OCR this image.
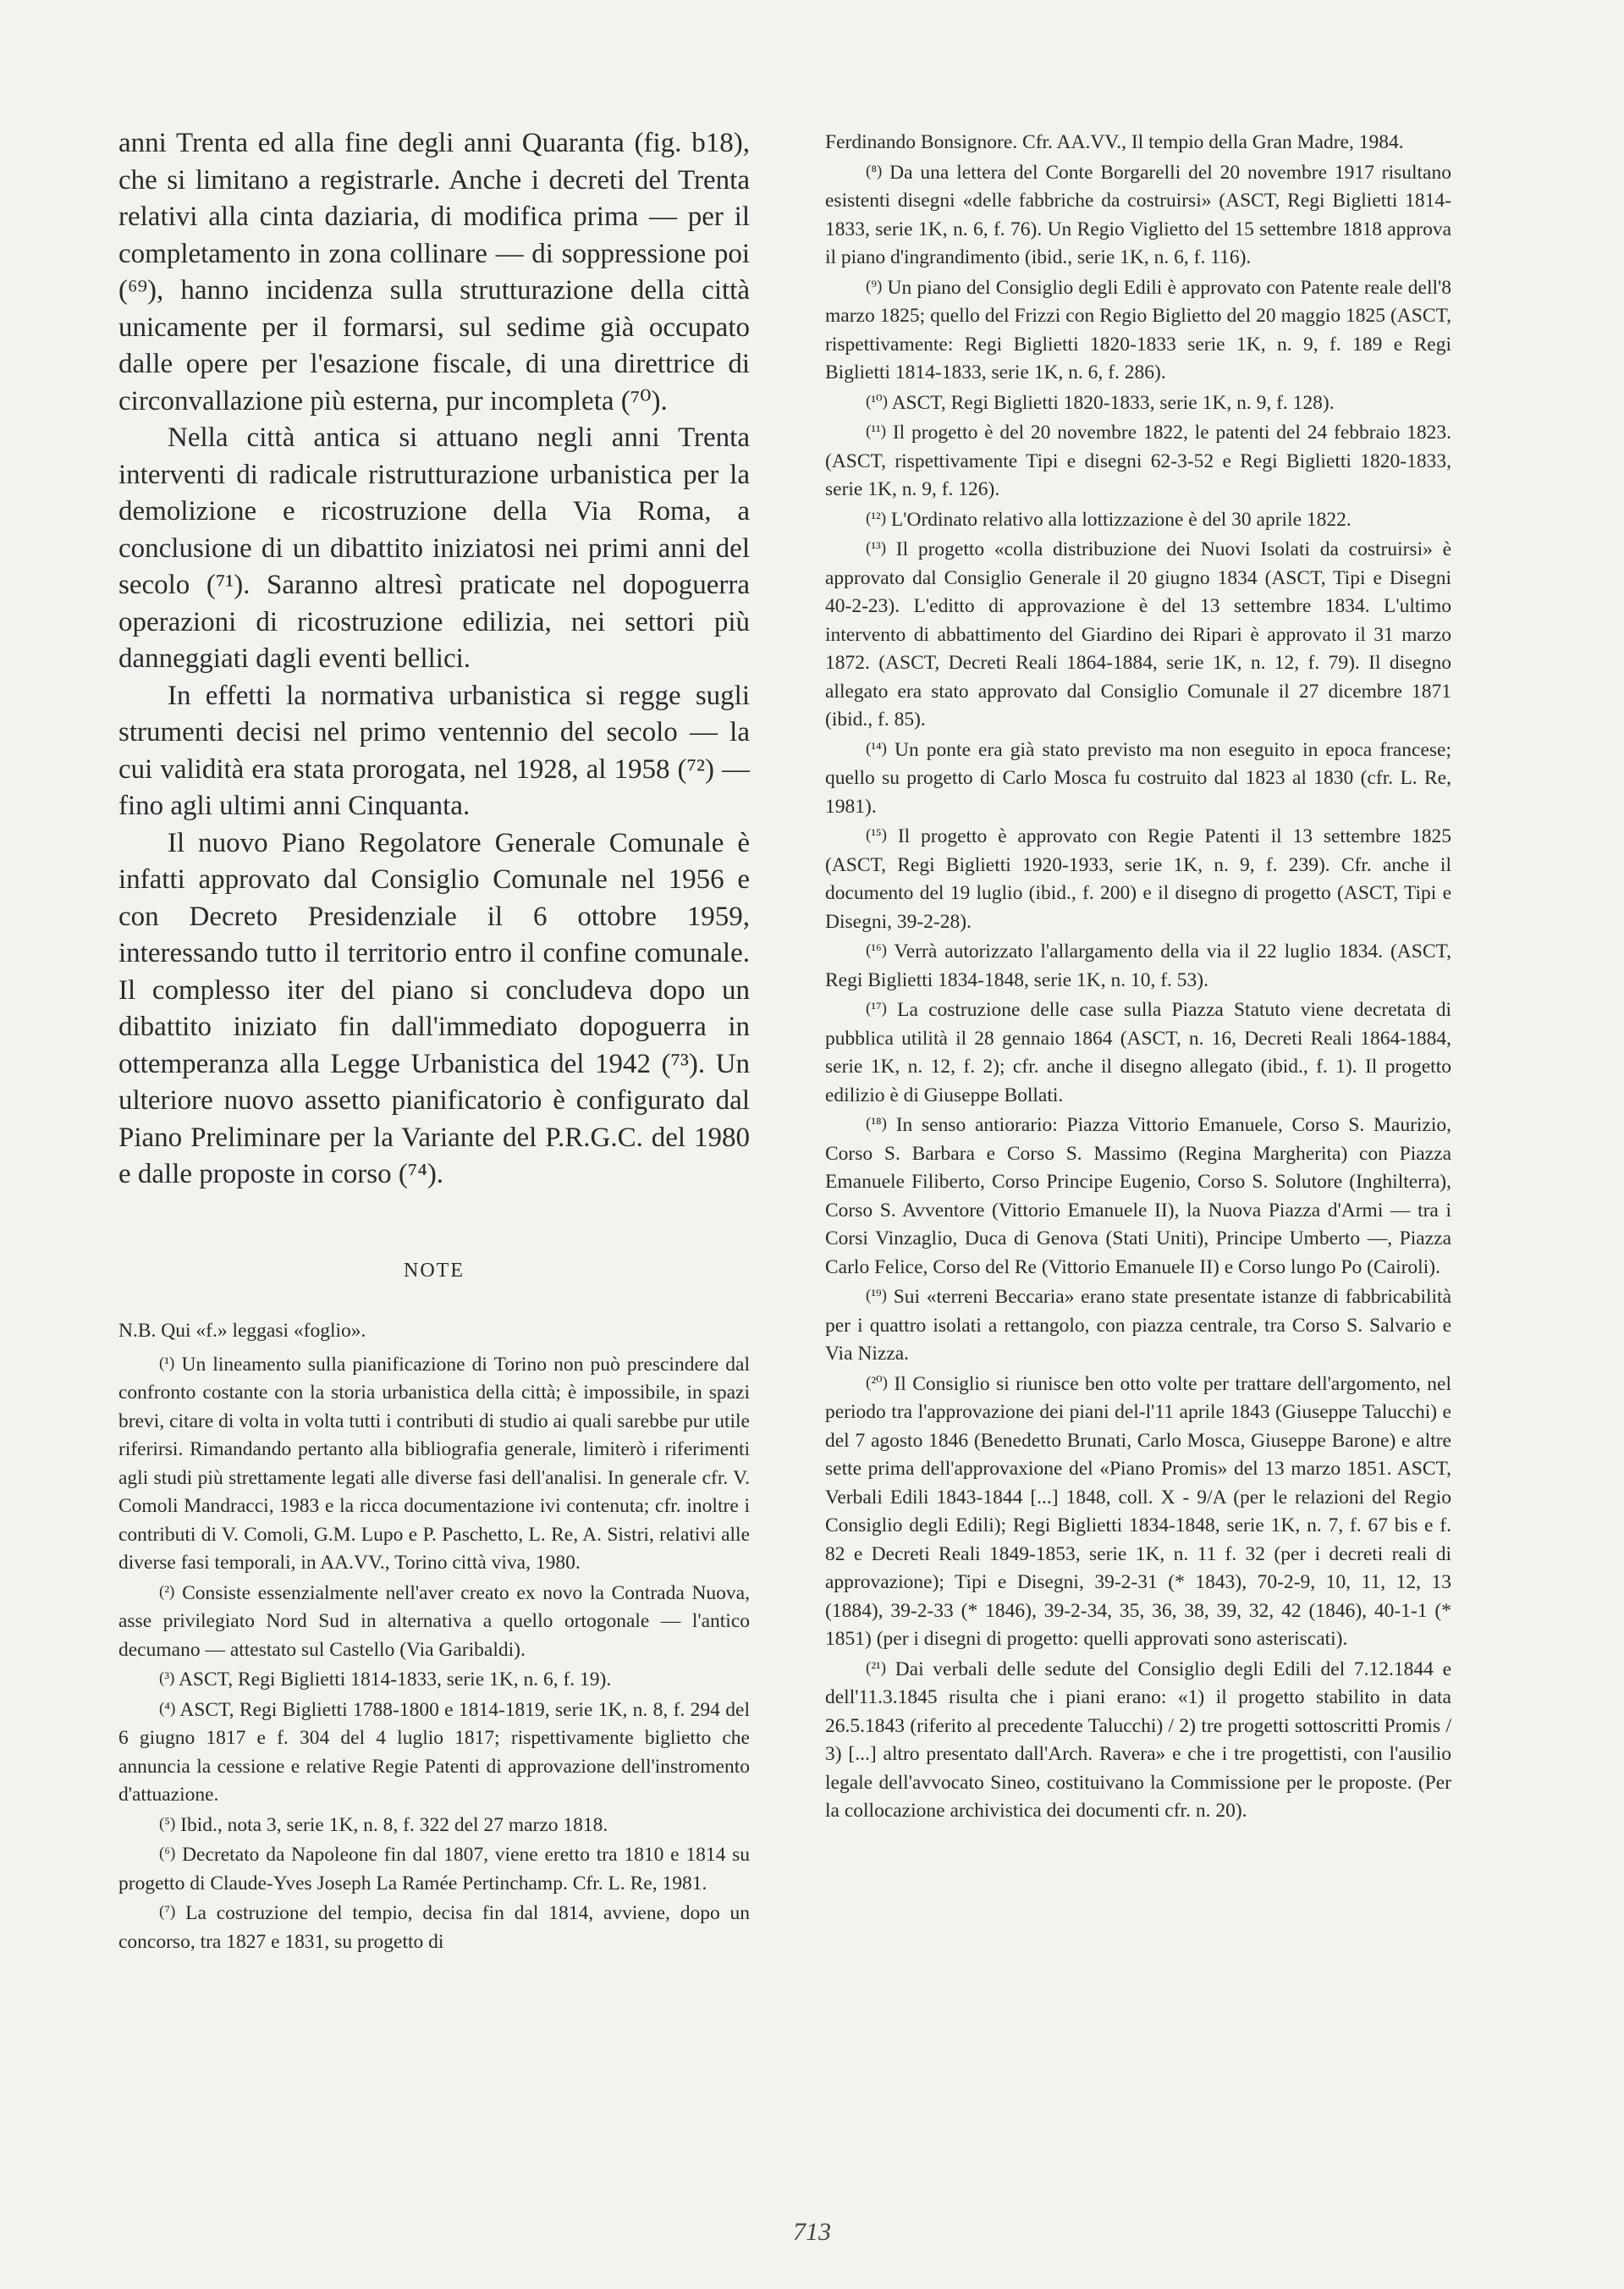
anni Trenta ed alla fine degli anni Quaranta (fig. b18), che si limitano a registrarle. Anche i decreti del Trenta relativi alla cinta daziaria, di modifica prima — per il completamento in zona collinare — di soppressione poi (⁶⁹), hanno incidenza sulla strutturazione della città unicamente per il formarsi, sul sedime già occupato dalle opere per l'esazione fiscale, di una direttrice di circonvallazione più esterna, pur incompleta (⁷⁰).

Nella città antica si attuano negli anni Trenta interventi di radicale ristrutturazione urbanistica per la demolizione e ricostruzione della Via Roma, a conclusione di un dibattito iniziatosi nei primi anni del secolo (⁷¹). Saranno altresì praticate nel dopoguerra operazioni di ricostruzione edilizia, nei settori più danneggiati dagli eventi bellici.

In effetti la normativa urbanistica si regge sugli strumenti decisi nel primo ventennio del secolo — la cui validità era stata prorogata, nel 1928, al 1958 (⁷²) — fino agli ultimi anni Cinquanta.

Il nuovo Piano Regolatore Generale Comunale è infatti approvato dal Consiglio Comunale nel 1956 e con Decreto Presidenziale il 6 ottobre 1959, interessando tutto il territorio entro il confine comunale. Il complesso iter del piano si concludeva dopo un dibattito iniziato fin dall'immediato dopoguerra in ottemperanza alla Legge Urbanistica del 1942 (⁷³). Un ulteriore nuovo assetto pianificatorio è configurato dal Piano Preliminare per la Variante del P.R.G.C. del 1980 e dalle proposte in corso (⁷⁴).

NOTE

N.B. Qui «f.» leggasi «foglio».

(¹) Un lineamento sulla pianificazione di Torino non può prescindere dal confronto costante con la storia urbanistica della città; è impossibile, in spazi brevi, citare di volta in volta tutti i contributi di studio ai quali sarebbe pur utile riferirsi. Rimandando pertanto alla bibliografia generale, limiterò i riferimenti agli studi più strettamente legati alle diverse fasi dell'analisi. In generale cfr. V. Comoli Mandracci, 1983 e la ricca documentazione ivi contenuta; cfr. inoltre i contributi di V. Comoli, G.M. Lupo e P. Paschetto, L. Re, A. Sistri, relativi alle diverse fasi temporali, in AA.VV., Torino città viva, 1980.

(²) Consiste essenzialmente nell'aver creato ex novo la Contrada Nuova, asse privilegiato Nord Sud in alternativa a quello ortogonale — l'antico decumano — attestato sul Castello (Via Garibaldi).

(³) ASCT, Regi Biglietti 1814-1833, serie 1K, n. 6, f. 19).

(⁴) ASCT, Regi Biglietti 1788-1800 e 1814-1819, serie 1K, n. 8, f. 294 del 6 giugno 1817 e f. 304 del 4 luglio 1817; rispettivamente biglietto che annuncia la cessione e relative Regie Patenti di approvazione dell'instromento d'attuazione.

(⁵) Ibid., nota 3, serie 1K, n. 8, f. 322 del 27 marzo 1818.

(⁶) Decretato da Napoleone fin dal 1807, viene eretto tra 1810 e 1814 su progetto di Claude-Yves Joseph La Ramée Pertinchamp. Cfr. L. Re, 1981.

(⁷) La costruzione del tempio, decisa fin dal 1814, avviene, dopo un concorso, tra 1827 e 1831, su progetto di

Ferdinando Bonsignore. Cfr. AA.VV., Il tempio della Gran Madre, 1984.

(⁸) Da una lettera del Conte Borgarelli del 20 novembre 1917 risultano esistenti disegni «delle fabbriche da costruirsi» (ASCT, Regi Biglietti 1814-1833, serie 1K, n. 6, f. 76). Un Regio Viglietto del 15 settembre 1818 approva il piano d'ingrandimento (ibid., serie 1K, n. 6, f. 116).

(⁹) Un piano del Consiglio degli Edili è approvato con Patente reale dell'8 marzo 1825; quello del Frizzi con Regio Biglietto del 20 maggio 1825 (ASCT, rispettivamente: Regi Biglietti 1820-1833 serie 1K, n. 9, f. 189 e Regi Biglietti 1814-1833, serie 1K, n. 6, f. 286).

(¹⁰) ASCT, Regi Biglietti 1820-1833, serie 1K, n. 9, f. 128).

(¹¹) Il progetto è del 20 novembre 1822, le patenti del 24 febbraio 1823. (ASCT, rispettivamente Tipi e disegni 62-3-52 e Regi Biglietti 1820-1833, serie 1K, n. 9, f. 126).

(¹²) L'Ordinato relativo alla lottizzazione è del 30 aprile 1822.

(¹³) Il progetto «colla distribuzione dei Nuovi Isolati da costruirsi» è approvato dal Consiglio Generale il 20 giugno 1834 (ASCT, Tipi e Disegni 40-2-23). L'editto di approvazione è del 13 settembre 1834. L'ultimo intervento di abbattimento del Giardino dei Ripari è approvato il 31 marzo 1872. (ASCT, Decreti Reali 1864-1884, serie 1K, n. 12, f. 79). Il disegno allegato era stato approvato dal Consiglio Comunale il 27 dicembre 1871 (ibid., f. 85).

(¹⁴) Un ponte era già stato previsto ma non eseguito in epoca francese; quello su progetto di Carlo Mosca fu costruito dal 1823 al 1830 (cfr. L. Re, 1981).

(¹⁵) Il progetto è approvato con Regie Patenti il 13 settembre 1825 (ASCT, Regi Biglietti 1920-1933, serie 1K, n. 9, f. 239). Cfr. anche il documento del 19 luglio (ibid., f. 200) e il disegno di progetto (ASCT, Tipi e Disegni, 39-2-28).

(¹⁶) Verrà autorizzato l'allargamento della via il 22 luglio 1834. (ASCT, Regi Biglietti 1834-1848, serie 1K, n. 10, f. 53).

(¹⁷) La costruzione delle case sulla Piazza Statuto viene decretata di pubblica utilità il 28 gennaio 1864 (ASCT, n. 16, Decreti Reali 1864-1884, serie 1K, n. 12, f. 2); cfr. anche il disegno allegato (ibid., f. 1). Il progetto edilizio è di Giuseppe Bollati.

(¹⁸) In senso antiorario: Piazza Vittorio Emanuele, Corso S. Maurizio, Corso S. Barbara e Corso S. Massimo (Regina Margherita) con Piazza Emanuele Filiberto, Corso Principe Eugenio, Corso S. Solutore (Inghilterra), Corso S. Avventore (Vittorio Emanuele II), la Nuova Piazza d'Armi — tra i Corsi Vinzaglio, Duca di Genova (Stati Uniti), Principe Umberto —, Piazza Carlo Felice, Corso del Re (Vittorio Emanuele II) e Corso lungo Po (Cairoli).

(¹⁹) Sui «terreni Beccaria» erano state presentate istanze di fabbricabilità per i quattro isolati a rettangolo, con piazza centrale, tra Corso S. Salvario e Via Nizza.

(²⁰) Il Consiglio si riunisce ben otto volte per trattare dell'argomento, nel periodo tra l'approvazione dei piani del-l'11 aprile 1843 (Giuseppe Talucchi) e del 7 agosto 1846 (Benedetto Brunati, Carlo Mosca, Giuseppe Barone) e altre sette prima dell'approvaxione del «Piano Promis» del 13 marzo 1851. ASCT, Verbali Edili 1843-1844 [...] 1848, coll. X - 9/A (per le relazioni del Regio Consiglio degli Edili); Regi Biglietti 1834-1848, serie 1K, n. 7, f. 67 bis e f. 82 e Decreti Reali 1849-1853, serie 1K, n. 11 f. 32 (per i decreti reali di approvazione); Tipi e Disegni, 39-2-31 (* 1843), 70-2-9, 10, 11, 12, 13 (1884), 39-2-33 (* 1846), 39-2-34, 35, 36, 38, 39, 32, 42 (1846), 40-1-1 (* 1851) (per i disegni di progetto: quelli approvati sono asteriscati).

(²¹) Dai verbali delle sedute del Consiglio degli Edili del 7.12.1844 e dell'11.3.1845 risulta che i piani erano: «1) il progetto stabilito in data 26.5.1843 (riferito al precedente Talucchi) / 2) tre progetti sottoscritti Promis / 3) [...] altro presentato dall'Arch. Ravera» e che i tre progettisti, con l'ausilio legale dell'avvocato Sineo, costituivano la Commissione per le proposte. (Per la collocazione archivistica dei documenti cfr. n. 20).

713
